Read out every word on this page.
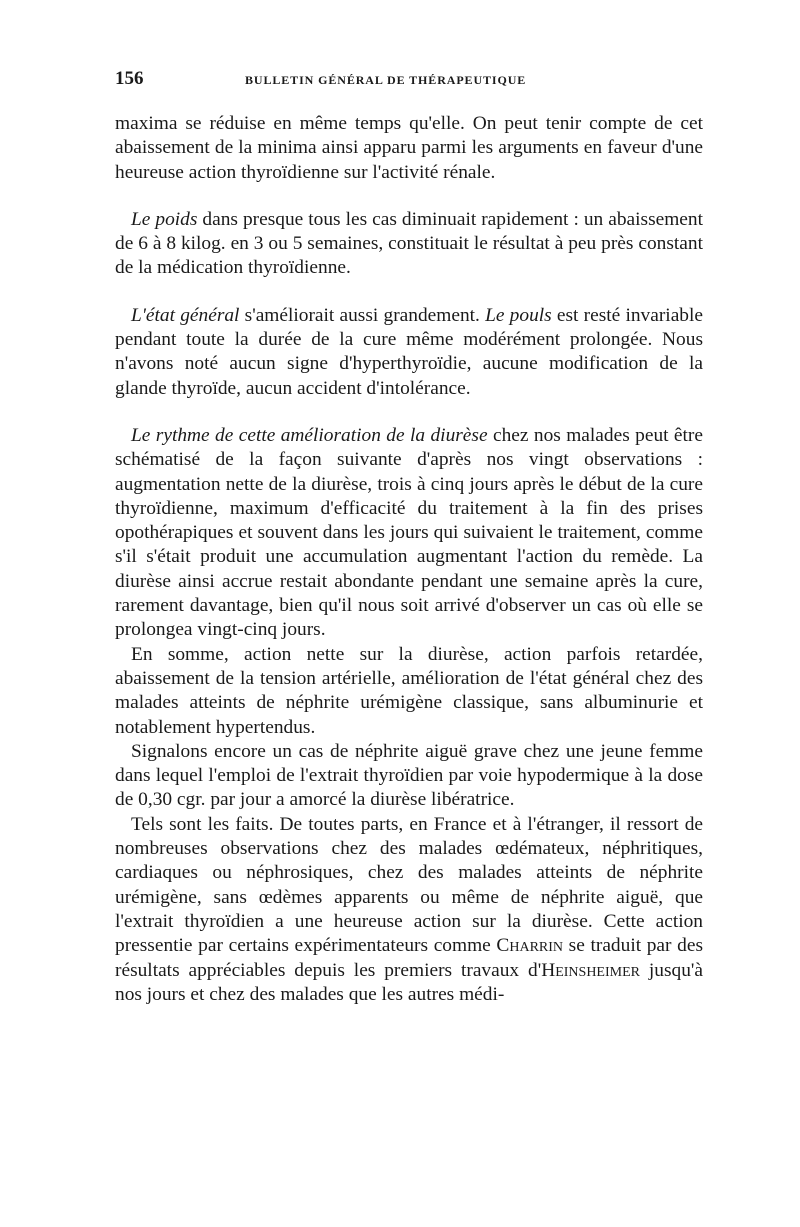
156	BULLETIN GÉNÉRAL DE THÉRAPEUTIQUE

maxima se réduise en même temps qu'elle. On peut tenir compte de cet abaissement de la minima ainsi apparu parmi les arguments en faveur d'une heureuse action thyroïdienne sur l'activité rénale.

Le poids dans presque tous les cas diminuait rapidement : un abaissement de 6 à 8 kilog. en 3 ou 5 semaines, constituait le résultat à peu près constant de la médication thyroïdienne.

L'état général s'améliorait aussi grandement. Le pouls est resté invariable pendant toute la durée de la cure même modérément prolongée. Nous n'avons noté aucun signe d'hyperthyroïdie, aucune modification de la glande thyroïde, aucun accident d'intolérance.

Le rythme de cette amélioration de la diurèse chez nos malades peut être schématisé de la façon suivante d'après nos vingt observations : augmentation nette de la diurèse, trois à cinq jours après le début de la cure thyroïdienne, maximum d'efficacité du traitement à la fin des prises opothérapiques et souvent dans les jours qui suivaient le traitement, comme s'il s'était produit une accumulation augmentant l'action du remède. La diurèse ainsi accrue restait abondante pendant une semaine après la cure, rarement davantage, bien qu'il nous soit arrivé d'observer un cas où elle se prolongea vingt-cinq jours.

En somme, action nette sur la diurèse, action parfois retardée, abaissement de la tension artérielle, amélioration de l'état général chez des malades atteints de néphrite urémigène classique, sans albuminurie et notablement hypertendus.

Signalons encore un cas de néphrite aiguë grave chez une jeune femme dans lequel l'emploi de l'extrait thyroïdien par voie hypodermique à la dose de 0,30 cgr. par jour a amorcé la diurèse libératrice.

Tels sont les faits. De toutes parts, en France et à l'étranger, il ressort de nombreuses observations chez des malades œdémateux, néphritiques, cardiaques ou néphrosiques, chez des malades atteints de néphrite urémigène, sans œdèmes apparents ou même de néphrite aiguë, que l'extrait thyroïdien a une heureuse action sur la diurèse. Cette action pressentie par certains expérimentateurs comme Charrin se traduit par des résultats appréciables depuis les premiers travaux d'Heinsheimer jusqu'à nos jours et chez des malades que les autres médi-
